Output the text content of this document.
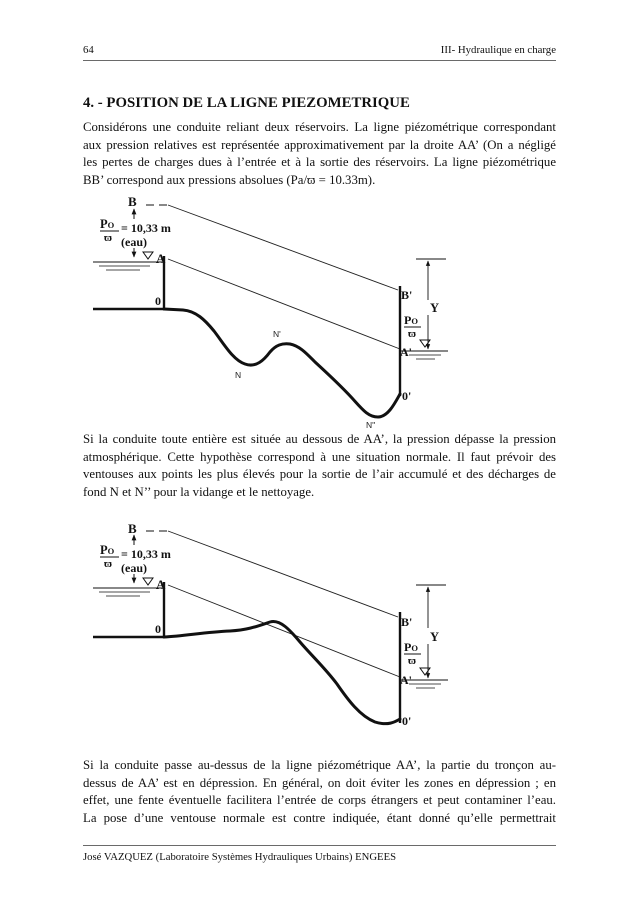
64	III- Hydraulique en charge
4. - POSITION DE LA LIGNE PIEZOMETRIQUE
Considérons une conduite reliant deux réservoirs. La ligne piézométrique correspondant
aux pression relatives est représentée approximativement par la droite AA’ (On a négligé
les pertes de charges dues à l’entrée et à la sortie des réservoirs. La ligne piézométrique
BB’ correspond aux pressions absolues (Pa/ϖ = 10.33m).
B
PO
ϖ
= 10,33 m
(eau)
A
0
N'
N
N''
B'
PO
ϖ
A'
0'
Y
Si la conduite toute entière est située au dessous de AA’, la pression dépasse la pression
atmosphérique. Cette hypothèse correspond à une situation normale. Il faut prévoir des
ventouses aux points les plus élevés pour la sortie de l’air accumulé et des décharges de
fond N et N’’ pour la vidange et le nettoyage.
B
PO
ϖ
= 10,33 m
(eau)
A
0	B'
PO
ϖ
A'
0'
Y
Si la conduite passe au-dessus de la ligne piézométrique AA’, la partie du tronçon au-
dessus de AA’ est en dépression. En général, on doit éviter les zones en dépression ; en
effet, une fente éventuelle facilitera l’entrée de corps étrangers et peut contaminer l’eau.
La pose d’une ventouse normale est contre indiquée, étant donné qu’elle permettrait
José VAZQUEZ (Laboratoire Systèmes Hydrauliques Urbains) ENGEES
